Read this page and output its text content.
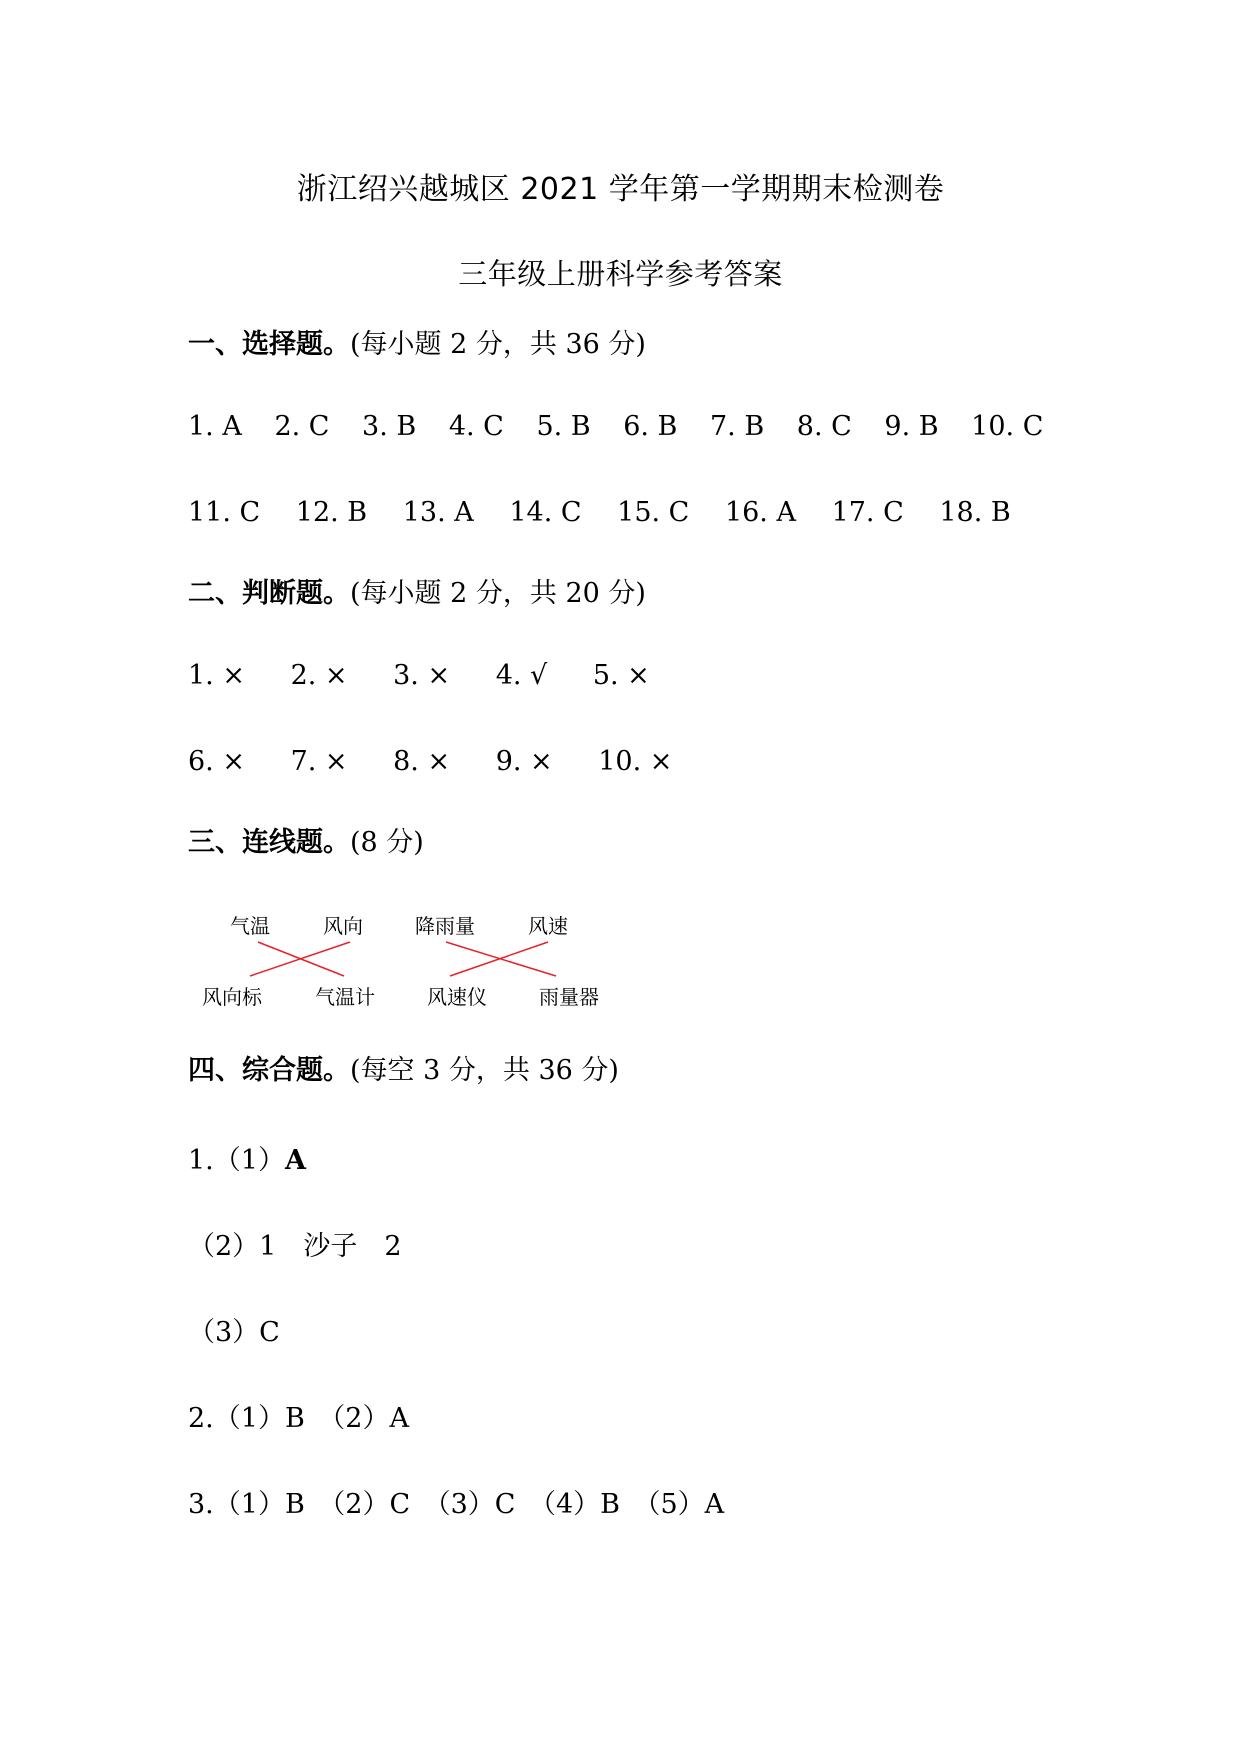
浙江绍兴越城区 2021 学年第一学期期末检测卷
三年级上册科学参考答案
一、选择题。(每小题 2 分，共 36 分)
1. A 2. C 3. B 4. C 5. B 6. B 7. B 8. C 9. B 10. C
11. C 12. B 13. A 14. C 15. C 16. A 17. C 18. B
二、判断题。(每小题 2 分，共 20 分)
1. × 2. × 3. × 4. √ 5. ×
6. × 7. × 8. × 9. × 10. ×
三、连线题。(8 分)
气温	风向	降雨量	风速
风向标	气温计	风速仪	雨量器
四、综合题。(每空 3 分，共 36 分)
1.（1）A
（2）1　沙子　2
（3）C
2.（1）B　（2）A
3.（1）B　（2）C　（3）C　（4）B　（5）A
